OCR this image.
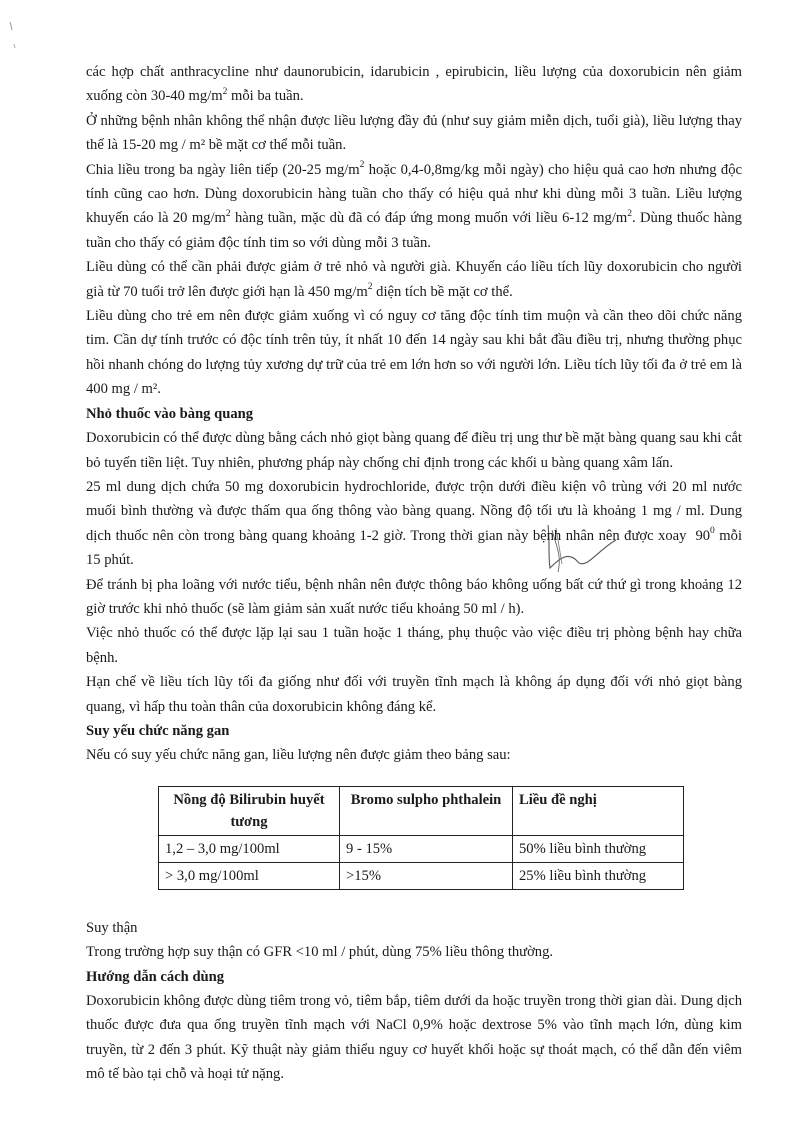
các hợp chất anthracycline như daunorubicin, idarubicin , epirubicin, liều lượng của doxorubicin nên giảm xuống còn 30-40 $mg/m^2$ mỗi ba tuần.

Ở những bệnh nhân không thể nhận được liều lượng đầy đủ (như suy giảm miễn dịch, tuổi già), liều lượng thay thế là 15-20 mg / m² bề mặt cơ thể mỗi tuần.

Chia liều trong ba ngày liên tiếp (20-25 $mg/m^2$ hoặc 0,4-0,8mg/kg mỗi ngày) cho hiệu quả cao hơn nhưng độc tính cũng cao hơn. Dùng doxorubicin hàng tuần cho thấy có hiệu quả như khi dùng mỗi 3 tuần. Liều lượng khuyến cáo là 20 $mg/m^2$ hàng tuần, mặc dù đã có đáp ứng mong muốn với liều 6-12 $mg/m^2$. Dùng thuốc hàng tuần cho thấy có giảm độc tính tim so với dùng mỗi 3 tuần.

Liều dùng có thể cần phải được giảm ở trẻ nhỏ và người già. Khuyến cáo liều tích lũy doxorubicin cho người già từ 70 tuổi trở lên được giới hạn là 450 $mg/m^2$ diện tích bề mặt cơ thể.

Liều dùng cho trẻ em nên được giảm xuống vì có nguy cơ tăng độc tính tim muộn và cần theo dõi chức năng tim. Cần dự tính trước có độc tính trên tủy, ít nhất 10 đến 14 ngày sau khi bắt đầu điều trị, nhưng thường phục hồi nhanh chóng do lượng tủy xương dự trữ của trẻ em lớn hơn so với người lớn. Liều tích lũy tối đa ở trẻ em là 400 mg / m².

Nhỏ thuốc vào bàng quang

Doxorubicin có thể được dùng bằng cách nhỏ giọt bàng quang để điều trị ung thư bề mặt bàng quang sau khi cắt bỏ tuyến tiền liệt. Tuy nhiên, phương pháp này chống chỉ định trong các khối u bàng quang xâm lấn.

25 ml dung dịch chứa 50 mg doxorubicin hydrochloride, được trộn dưới điều kiện vô trùng với 20 ml nước muối bình thường và được thấm qua ống thông vào bàng quang. Nồng độ tối ưu là khoảng 1 mg / ml. Dung dịch thuốc nên còn trong bàng quang khoảng 1-2 giờ. Trong thời gian này bệnh nhân nên được xoay  $90^0$ mỗi 15 phút.

Để tránh bị pha loãng với nước tiểu, bệnh nhân nên được thông báo không uống bất cứ thứ gì trong khoảng 12 giờ trước khi nhỏ thuốc (sẽ làm giảm sản xuất nước tiểu khoảng 50 ml / h).

Việc nhỏ thuốc có thể được lặp lại sau 1 tuần hoặc 1 tháng, phụ thuộc vào việc điều trị phòng bệnh hay chữa bệnh.

Hạn chế về liều tích lũy tối đa giống như đối với truyền tĩnh mạch là không áp dụng đối với nhỏ giọt bàng quang, vì hấp thu toàn thân của doxorubicin không đáng kể.

Suy yếu chức năng gan

Nếu có suy yếu chức năng gan, liều lượng nên được giảm theo bảng sau:

Nồng độ Bilirubin huyết tương	Bromo sulpho phthalein	Liều đề nghị
1,2 – 3,0 mg/100ml	9 - 15%	50% liều bình thường
> 3,0 mg/100ml	>15%	25% liều bình thường
Suy thận

Trong trường hợp suy thận có GFR <10 ml / phút, dùng 75% liều thông thường.

Hướng dẫn cách dùng

Doxorubicin không được dùng tiêm trong vỏ, tiêm bắp, tiêm dưới da hoặc truyền trong thời gian dài. Dung dịch thuốc được đưa qua ống truyền tĩnh mạch với NaCl 0,9% hoặc dextrose 5% vào tĩnh mạch lớn, dùng kim truyền, từ 2 đến 3 phút. Kỹ thuật này giảm thiểu nguy cơ huyết khối hoặc sự thoát mạch, có thể dẫn đến viêm mô tế bào tại chỗ và hoại tử nặng.
